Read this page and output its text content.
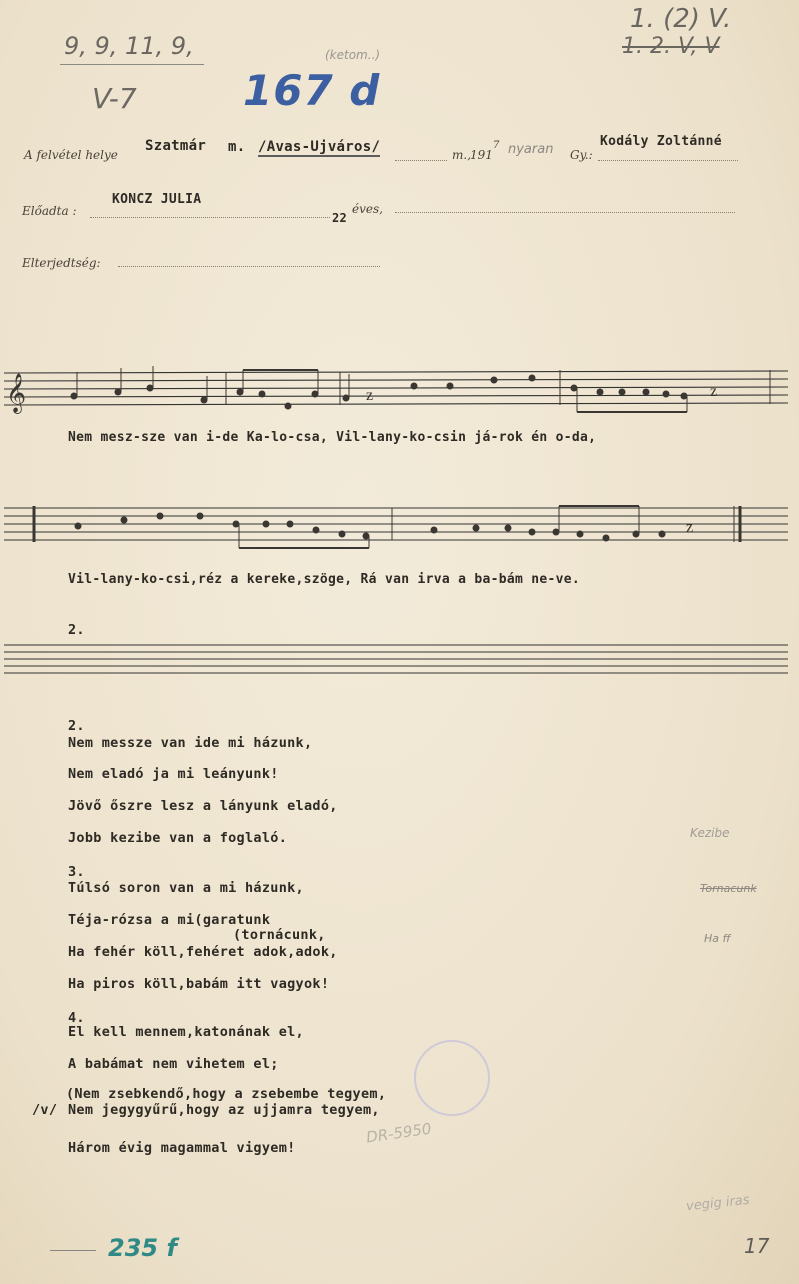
9, 9, 11, 9,	(ketom..)
V-7	167 d
1. (2) V.
1. 2. V, V
A felvétel helye
Szatmár m. /Avas-Ujváros/	m.,
191
7 nyaran Gy.:
Kodály Zoltánné
Előadta :
KONCZ JULIA
22
éves,
Elterjedtség:
𝄞	z	z
z
Nem mesz-sze van i-de Ka-lo-csa, Vil-lany-ko-csin já-rok én o-da,
Vil-lany-ko-csi,réz a kereke,szöge, Rá van irva a ba-bám ne-ve.
2.
2.
Nem messze van ide mi házunk,
Nem eladó ja mi leányunk!
Jövő őszre lesz a lányunk eladó,
Jobb kezibe van a foglaló.
3.
Túlsó soron van a mi házunk,
Téja-rózsa a mi(garatunk
(tornácunk,
Ha fehér köll,fehéret adok,adok,
Ha piros köll,babám itt vagyok!
4.
El kell mennem,katonának el,
A babámat nem vihetem el;
(Nem zsebkendő,hogy a zsebembe tegyem,
/v/ Nem jegygyűrű,hogy az ujjamra tegyem,
Három évig magammal vigyem!
DR-5950
Kezibe
Tornacunk
Ha ff
vegig iras
235 f	17
